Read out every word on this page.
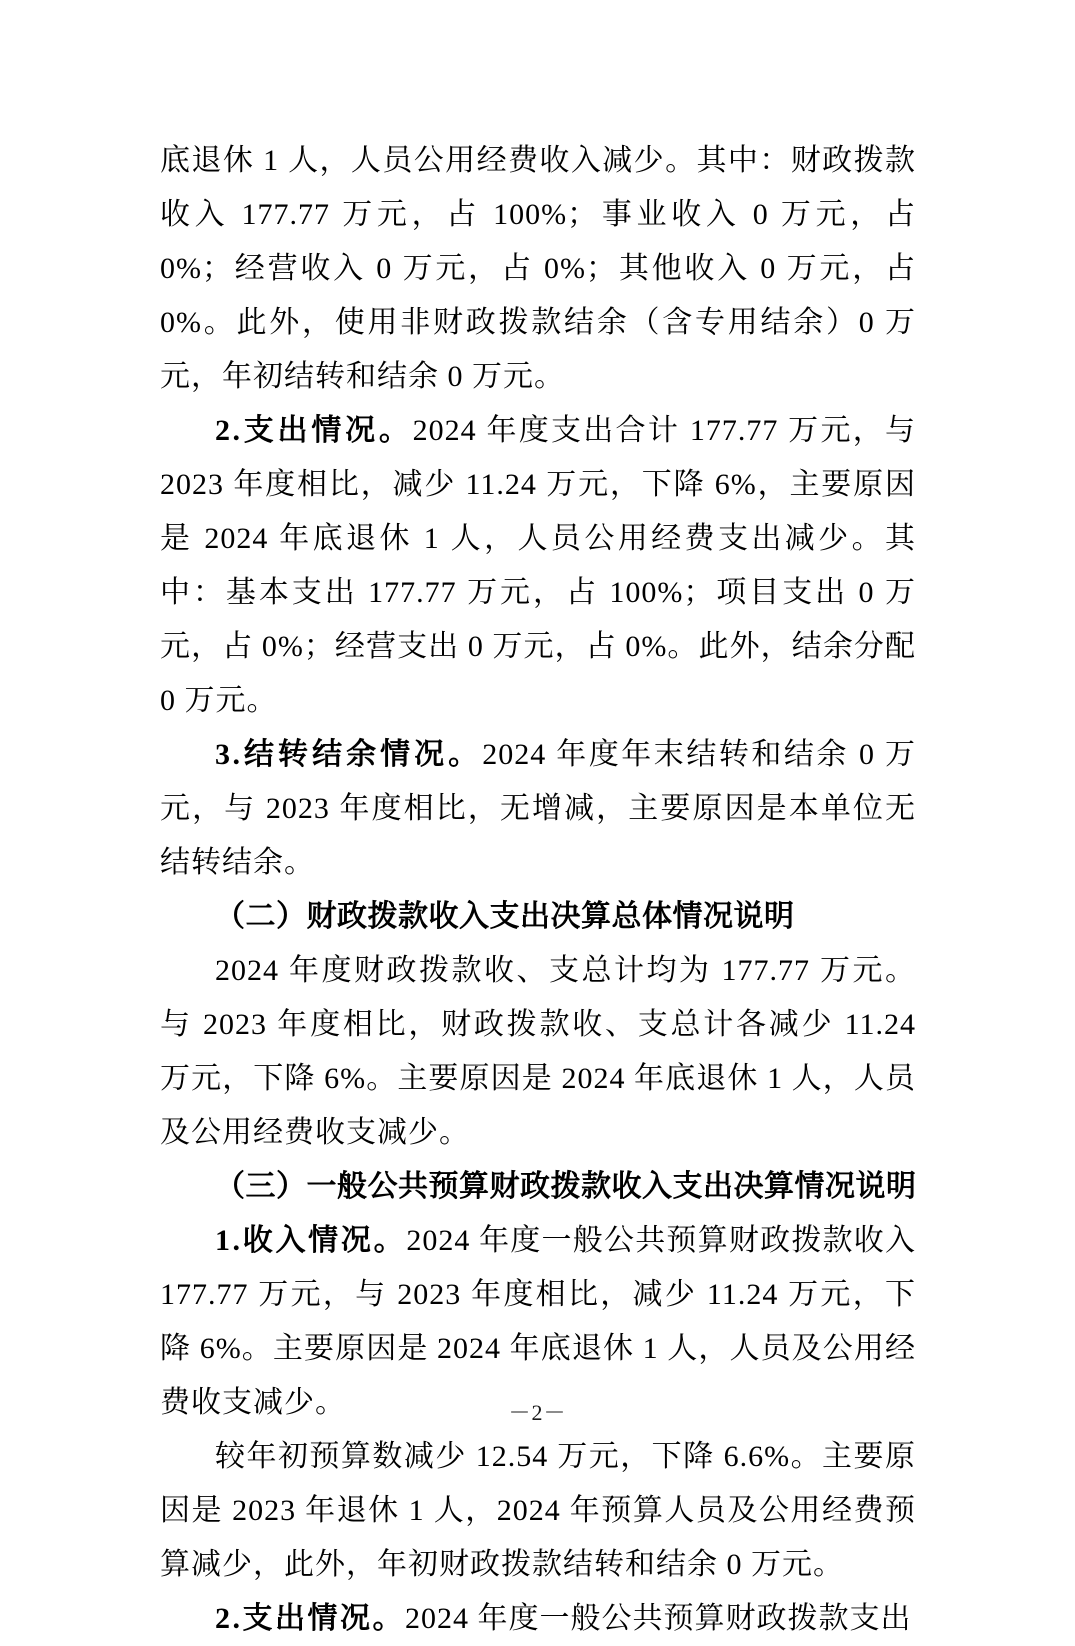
底退休 1 人，人员公用经费收入减少。其中：财政拨款收入 177.77 万元，占 100%；事业收入 0 万元，占 0%；经营收入 0 万元，占 0%；其他收入 0 万元，占 0%。此外，使用非财政拨款结余（含专用结余）0 万元，年初结转和结余 0 万元。

2.支出情况。2024 年度支出合计 177.77 万元，与 2023 年度相比，减少 11.24 万元，下降 6%，主要原因是 2024 年底退休 1 人，人员公用经费支出减少。其中：基本支出 177.77 万元，占 100%；项目支出 0 万元，占 0%；经营支出 0 万元，占 0%。此外，结余分配 0 万元。

3.结转结余情况。2024 年度年末结转和结余 0 万元，与 2023 年度相比，无增减，主要原因是本单位无结转结余。

（二）财政拨款收入支出决算总体情况说明

2024 年度财政拨款收、支总计均为 177.77 万元。与 2023 年度相比，财政拨款收、支总计各减少 11.24 万元，下降 6%。主要原因是 2024 年底退休 1 人，人员及公用经费收支减少。

（三）一般公共预算财政拨款收入支出决算情况说明

1.收入情况。2024 年度一般公共预算财政拨款收入 177.77 万元，与 2023 年度相比，减少 11.24 万元，下降 6%。主要原因是 2024 年底退休 1 人，人员及公用经费收支减少。

较年初预算数减少 12.54 万元，下降 6.6%。主要原因是 2023 年退休 1 人，2024 年预算人员及公用经费预算减少，此外，年初财政拨款结转和结余 0 万元。

2.支出情况。2024 年度一般公共预算财政拨款支出

－2－
